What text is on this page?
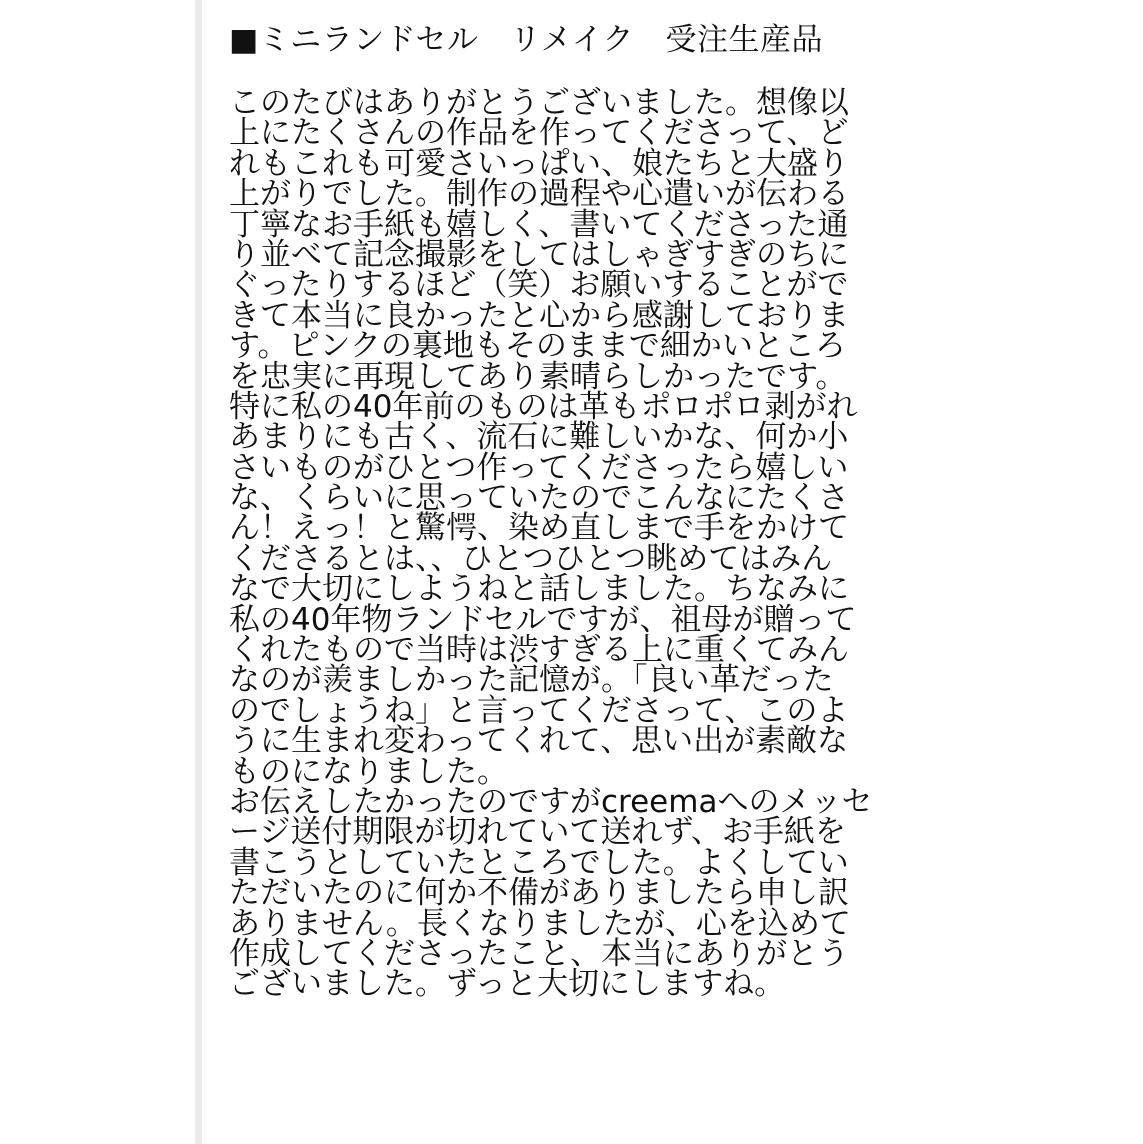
■ミニランドセル　リメイク　受注生産品
このたびはありがとうございました。想像以
上にたくさんの作品を作ってくださって、ど
れもこれも可愛さいっぱい、娘たちと大盛り
上がりでした。制作の過程や心遣いが伝わる
丁寧なお手紙も嬉しく、書いてくださった通
り並べて記念撮影をしてはしゃぎすぎのちに
ぐったりするほど（笑）お願いすることがで
きて本当に良かったと心から感謝しておりま
す。ピンクの裏地もそのままで細かいところ
を忠実に再現してあり素晴らしかったです。
特に私の40年前のものは革もポロポロ剥がれ
あまりにも古く、流石に難しいかな、何か小
さいものがひとつ作ってくださったら嬉しい
な、くらいに思っていたのでこんなにたくさ
ん！えっ！と驚愕、染め直しまで手をかけて
くださるとは、、ひとつひとつ眺めてはみん
なで大切にしようねと話しました。ちなみに
私の40年物ランドセルですが、祖母が贈って
くれたもので当時は渋すぎる上に重くてみん
なのが羨ましかった記憶が。「良い革だった
のでしょうね」と言ってくださって、このよ
うに生まれ変わってくれて、思い出が素敵な
ものになりました。
お伝えしたかったのですがcreemaへのメッセ
ージ送付期限が切れていて送れず、お手紙を
書こうとしていたところでした。よくしてい
ただいたのに何か不備がありましたら申し訳
ありません。長くなりましたが、心を込めて
作成してくださったこと、本当にありがとう
ございました。ずっと大切にしますね。
